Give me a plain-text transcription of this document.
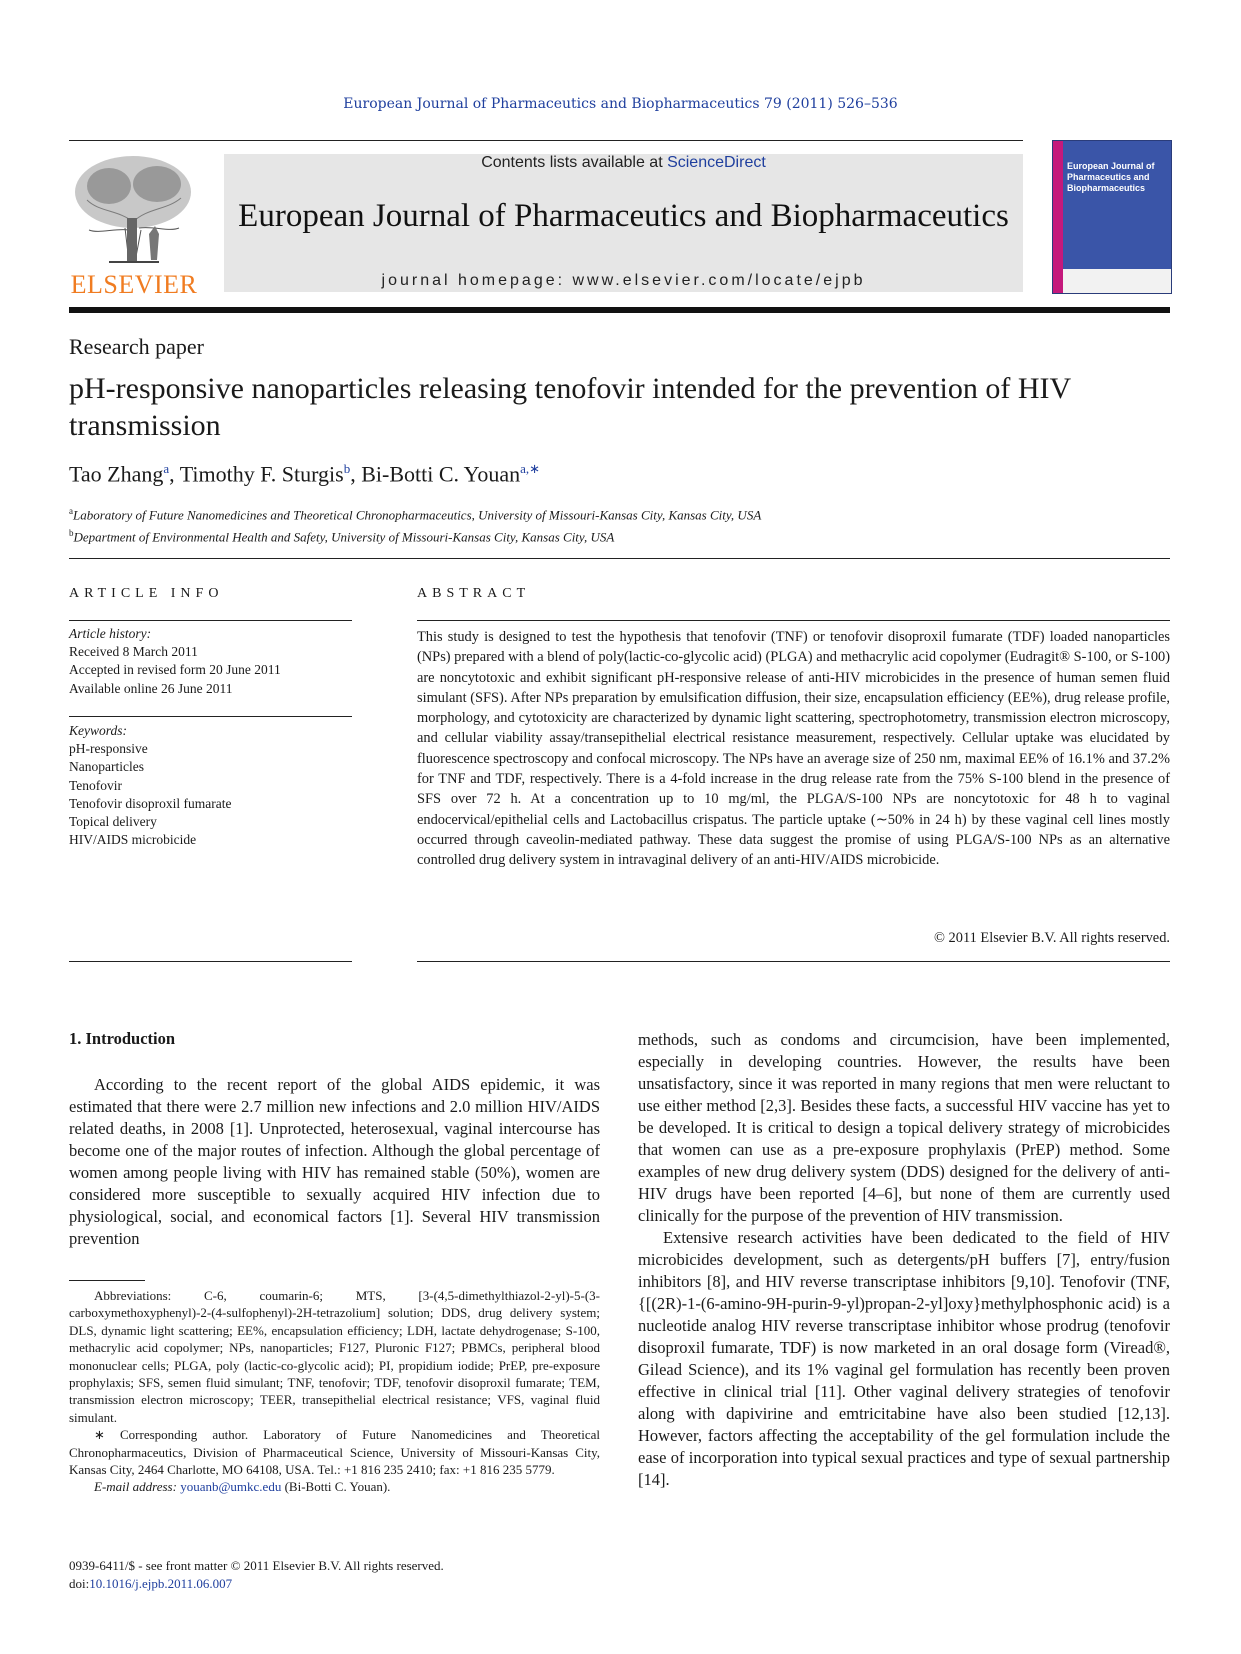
European Journal of Pharmaceutics and Biopharmaceutics 79 (2011) 526–536
ELSEVIER
Contents lists available at ScienceDirect
European Journal of Pharmaceutics and Biopharmaceutics
journal homepage: www.elsevier.com/locate/ejpb
European Journal of Pharmaceutics and Biopharmaceutics
Research paper
pH-responsive nanoparticles releasing tenofovir intended for the prevention of HIV transmission
Tao Zhang$^a$, Timothy F. Sturgis$^b$, Bi-Botti C. Youan$^{a,∗}$
$^a$Laboratory of Future Nanomedicines and Theoretical Chronopharmaceutics, University of Missouri-Kansas City, Kansas City, USA
$^b$Department of Environmental Health and Safety, University of Missouri-Kansas City, Kansas City, USA
ARTICLE INFO
Article history:
Received 8 March 2011
Accepted in revised form 20 June 2011
Available online 26 June 2011
Keywords:
pH-responsive
Nanoparticles
Tenofovir
Tenofovir disoproxil fumarate
Topical delivery
HIV/AIDS microbicide
ABSTRACT
This study is designed to test the hypothesis that tenofovir (TNF) or tenofovir disoproxil fumarate (TDF) loaded nanoparticles (NPs) prepared with a blend of poly(lactic-co-glycolic acid) (PLGA) and methacrylic acid copolymer (Eudragit® S-100, or S-100) are noncytotoxic and exhibit significant pH-responsive release of anti-HIV microbicides in the presence of human semen fluid simulant (SFS). After NPs preparation by emulsification diffusion, their size, encapsulation efficiency (EE%), drug release profile, morphology, and cytotoxicity are characterized by dynamic light scattering, spectrophotometry, transmission electron microscopy, and cellular viability assay/transepithelial electrical resistance measurement, respectively. Cellular uptake was elucidated by fluorescence spectroscopy and confocal microscopy. The NPs have an average size of 250 nm, maximal EE% of 16.1% and 37.2% for TNF and TDF, respectively. There is a 4-fold increase in the drug release rate from the 75% S-100 blend in the presence of SFS over 72 h. At a concentration up to 10 mg/ml, the PLGA/S-100 NPs are noncytotoxic for 48 h to vaginal endocervical/epithelial cells and Lactobacillus crispatus. The particle uptake (∼50% in 24 h) by these vaginal cell lines mostly occurred through caveolin-mediated pathway. These data suggest the promise of using PLGA/S-100 NPs as an alternative controlled drug delivery system in intravaginal delivery of an anti-HIV/AIDS microbicide.
© 2011 Elsevier B.V. All rights reserved.
1. Introduction

According to the recent report of the global AIDS epidemic, it was estimated that there were 2.7 million new infections and 2.0 million HIV/AIDS related deaths, in 2008 [1]. Unprotected, heterosexual, vaginal intercourse has become one of the major routes of infection. Although the global percentage of women among people living with HIV has remained stable (50%), women are considered more susceptible to sexually acquired HIV infection due to physiological, social, and economical factors [1]. Several HIV transmission prevention

methods, such as condoms and circumcision, have been implemented, especially in developing countries. However, the results have been unsatisfactory, since it was reported in many regions that men were reluctant to use either method [2,3]. Besides these facts, a successful HIV vaccine has yet to be developed. It is critical to design a topical delivery strategy of microbicides that women can use as a pre-exposure prophylaxis (PrEP) method. Some examples of new drug delivery system (DDS) designed for the delivery of anti-HIV drugs have been reported [4–6], but none of them are currently used clinically for the purpose of the prevention of HIV transmission.

Extensive research activities have been dedicated to the field of HIV microbicides development, such as detergents/pH buffers [7], entry/fusion inhibitors [8], and HIV reverse transcriptase inhibitors [9,10]. Tenofovir (TNF, {[(2R)-1-(6-amino-9H-purin-9-yl)propan-2-yl]oxy}methylphosphonic acid) is a nucleotide analog HIV reverse transcriptase inhibitor whose prodrug (tenofovir disoproxil fumarate, TDF) is now marketed in an oral dosage form (Viread®, Gilead Science), and its 1% vaginal gel formulation has recently been proven effective in clinical trial [11]. Other vaginal delivery strategies of tenofovir along with dapivirine and emtricitabine have also been studied [12,13]. However, factors affecting the acceptability of the gel formulation include the ease of incorporation into typical sexual practices and type of sexual partnership [14].

Abbreviations: C-6, coumarin-6; MTS, [3-(4,5-dimethylthiazol-2-yl)-5-(3-carboxymethoxyphenyl)-2-(4-sulfophenyl)-2H-tetrazolium] solution; DDS, drug delivery system; DLS, dynamic light scattering; EE%, encapsulation efficiency; LDH, lactate dehydrogenase; S-100, methacrylic acid copolymer; NPs, nanoparticles; F127, Pluronic F127; PBMCs, peripheral blood mononuclear cells; PLGA, poly (lactic-co-glycolic acid); PI, propidium iodide; PrEP, pre-exposure prophylaxis; SFS, semen fluid simulant; TNF, tenofovir; TDF, tenofovir disoproxil fumarate; TEM, transmission electron microscopy; TEER, transepithelial electrical resistance; VFS, vaginal fluid simulant.

∗ Corresponding author. Laboratory of Future Nanomedicines and Theoretical Chronopharmaceutics, Division of Pharmaceutical Science, University of Missouri-Kansas City, Kansas City, 2464 Charlotte, MO 64108, USA. Tel.: +1 816 235 2410; fax: +1 816 235 5779.

E-mail address: youanb@umkc.edu (Bi-Botti C. Youan).

0939-6411/$ - see front matter © 2011 Elsevier B.V. All rights reserved.
doi:10.1016/j.ejpb.2011.06.007
